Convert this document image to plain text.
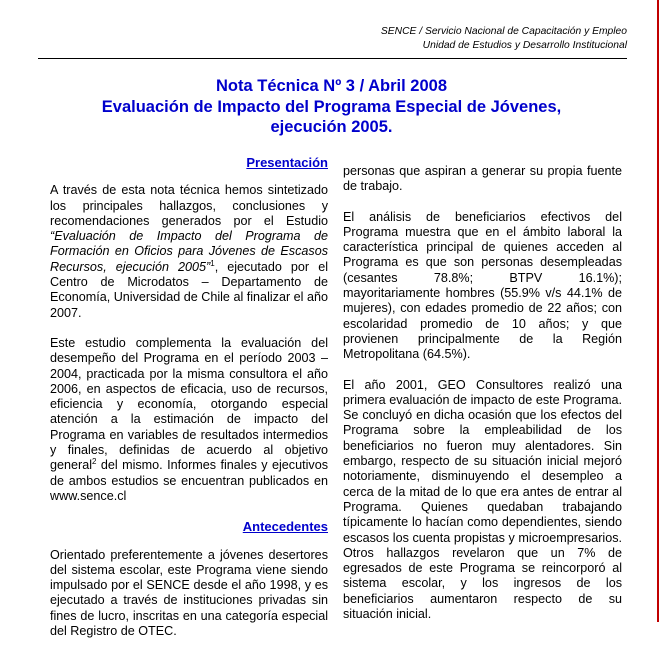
SENCE / Servicio Nacional de Capacitación y Empleo
Unidad de Estudios y Desarrollo Institucional
Nota Técnica Nº 3 / Abril 2008
Evaluación de Impacto del Programa Especial de Jóvenes,
ejecución 2005.
Presentación

A través de esta nota técnica hemos sintetizado los principales hallazgos, conclusiones y recomendaciones generados por el Estudio “Evaluación de Impacto del Programa de Formación en Oficios para Jóvenes de Escasos Recursos, ejecución 2005”$^1$, ejecutado por el Centro de Microdatos – Departamento de Economía, Universidad de Chile al finalizar el año 2007.

Este estudio complementa la evaluación del desempeño del Programa en el período 2003 – 2004, practicada por la misma consultora el año 2006, en aspectos de eficacia, uso de recursos, eficiencia y economía, otorgando especial atención a la estimación de impacto del Programa en variables de resultados intermedios y finales, definidas de acuerdo al objetivo general$^2$ del mismo. Informes finales y ejecutivos de ambos estudios se encuentran publicados en www.sence.cl

Antecedentes

Orientado preferentemente a jóvenes desertores del sistema escolar, este Programa viene siendo impulsado por el SENCE desde el año 1998, y es ejecutado a través de instituciones privadas sin fines de lucro, inscritas en una categoría especial del Registro de OTEC.

personas que aspiran a generar su propia fuente de trabajo.

El análisis de beneficiarios efectivos del Programa muestra que en el ámbito laboral la característica principal de quienes acceden al Programa es que son personas desempleadas (cesantes 78.8%; BTPV 16.1%); mayoritariamente hombres (55.9% v/s 44.1% de mujeres), con edades promedio de 22 años; con escolaridad promedio de 10 años; y que provienen principalmente de la Región Metropolitana (64.5%).

El año 2001, GEO Consultores realizó una primera evaluación de impacto de este Programa. Se concluyó en dicha ocasión que los efectos del Programa sobre la empleabilidad de los beneficiarios no fueron muy alentadores. Sin embargo, respecto de su situación inicial mejoró notoriamente, disminuyendo el desempleo a cerca de la mitad de lo que era antes de entrar al Programa. Quienes quedaban trabajando típicamente lo hacían como dependientes, siendo escasos los cuenta propistas y microempresarios. Otros hallazgos revelaron que un 7% de egresados de este Programa se reincorporó al sistema escolar, y los ingresos de los beneficiarios aumentaron respecto de su situación inicial.
